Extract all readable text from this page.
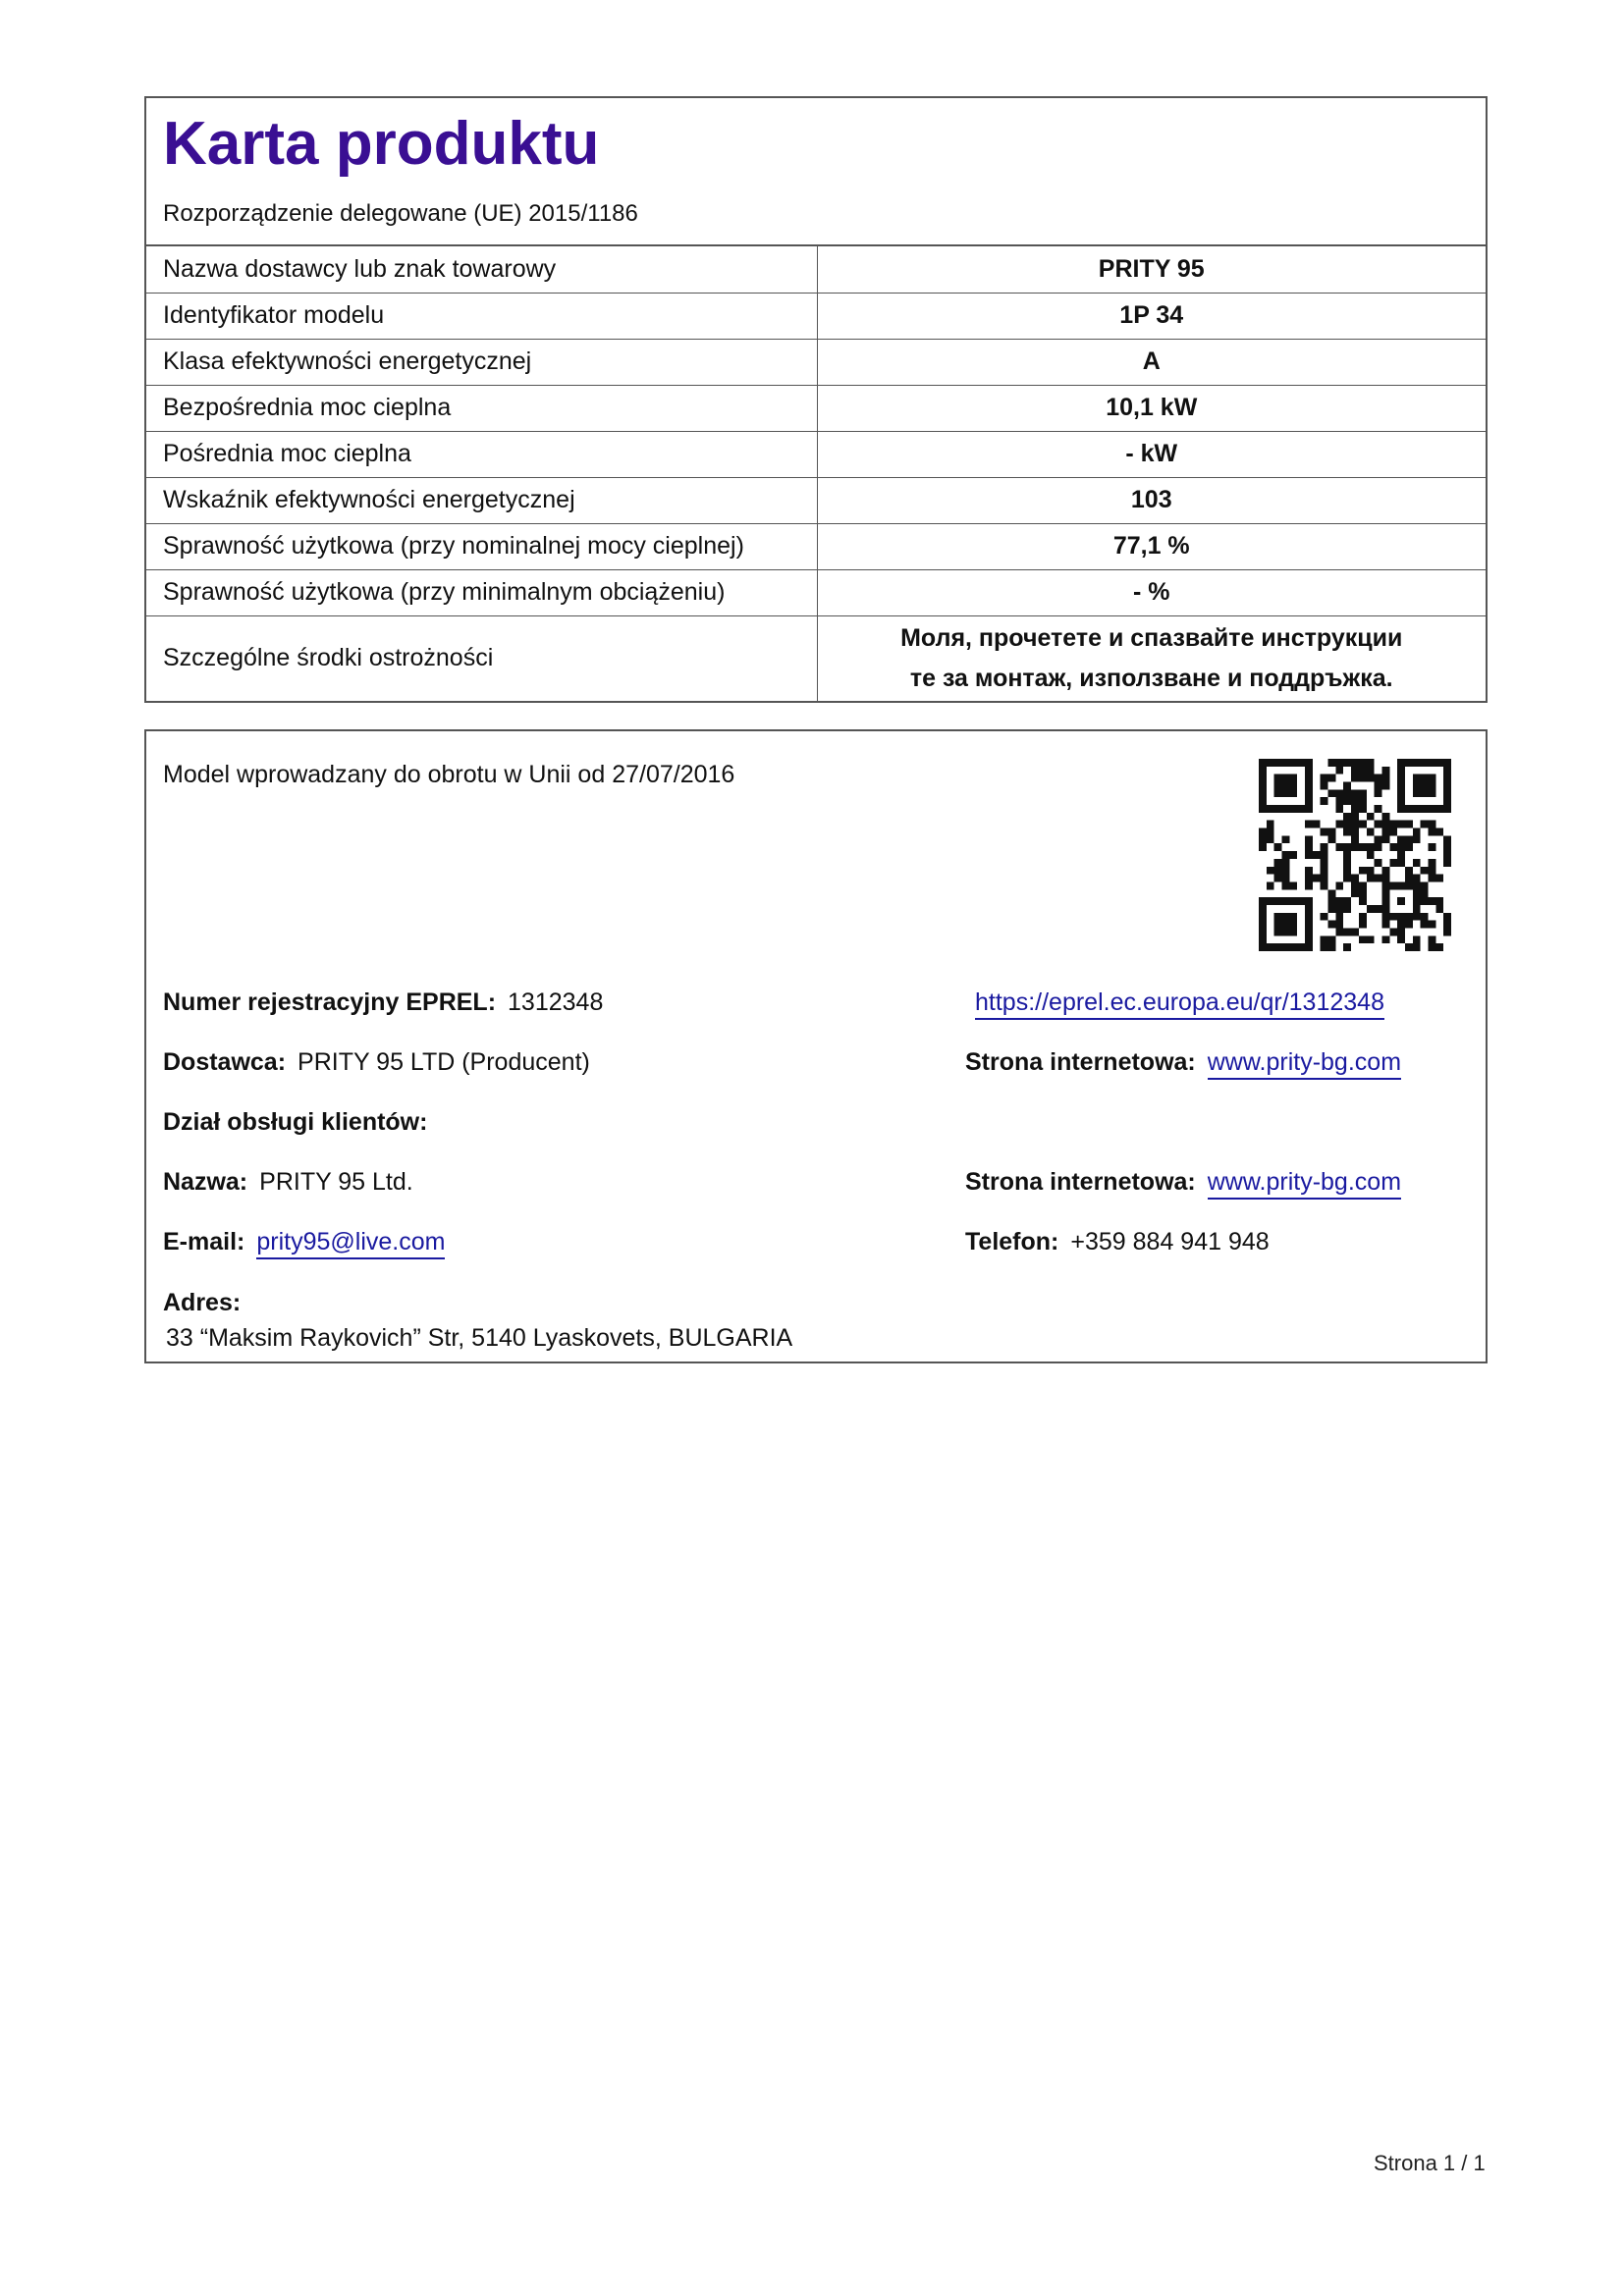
Karta produktu
Rozporządzenie delegowane (UE) 2015/1186
Nazwa dostawcy lub znak towarowy	PRITY 95
Identyfikator modelu	1P 34
Klasa efektywności energetycznej	A
Bezpośrednia moc cieplna	10,1 kW
Pośrednia moc cieplna	- kW
Wskaźnik efektywności energetycznej	103
Sprawność użytkowa (przy nominalnej mocy cieplnej)	77,1 %
Sprawność użytkowa (przy minimalnym obciążeniu)	- %
Szczególne środki ostrożności	Моля, прочетете и спазвайте инструкции
те за монтаж, използване и поддръжка.
Model wprowadzany do obrotu w Unii od 27/07/2016
Numer rejestracyjny EPREL: 1312348	https://eprel.ec.europa.eu/qr/1312348
Dostawca: PRITY 95 LTD (Producent)	Strona internetowa: www.prity-bg.com
Dział obsługi klientów:
Nazwa: PRITY 95 Ltd.	Strona internetowa: www.prity-bg.com
E-mail: prity95@live.com	Telefon: +359 884 941 948
Adres:
33 “Maksim Raykovich” Str, 5140 Lyaskovets, BULGARIA
Strona 1 / 1
